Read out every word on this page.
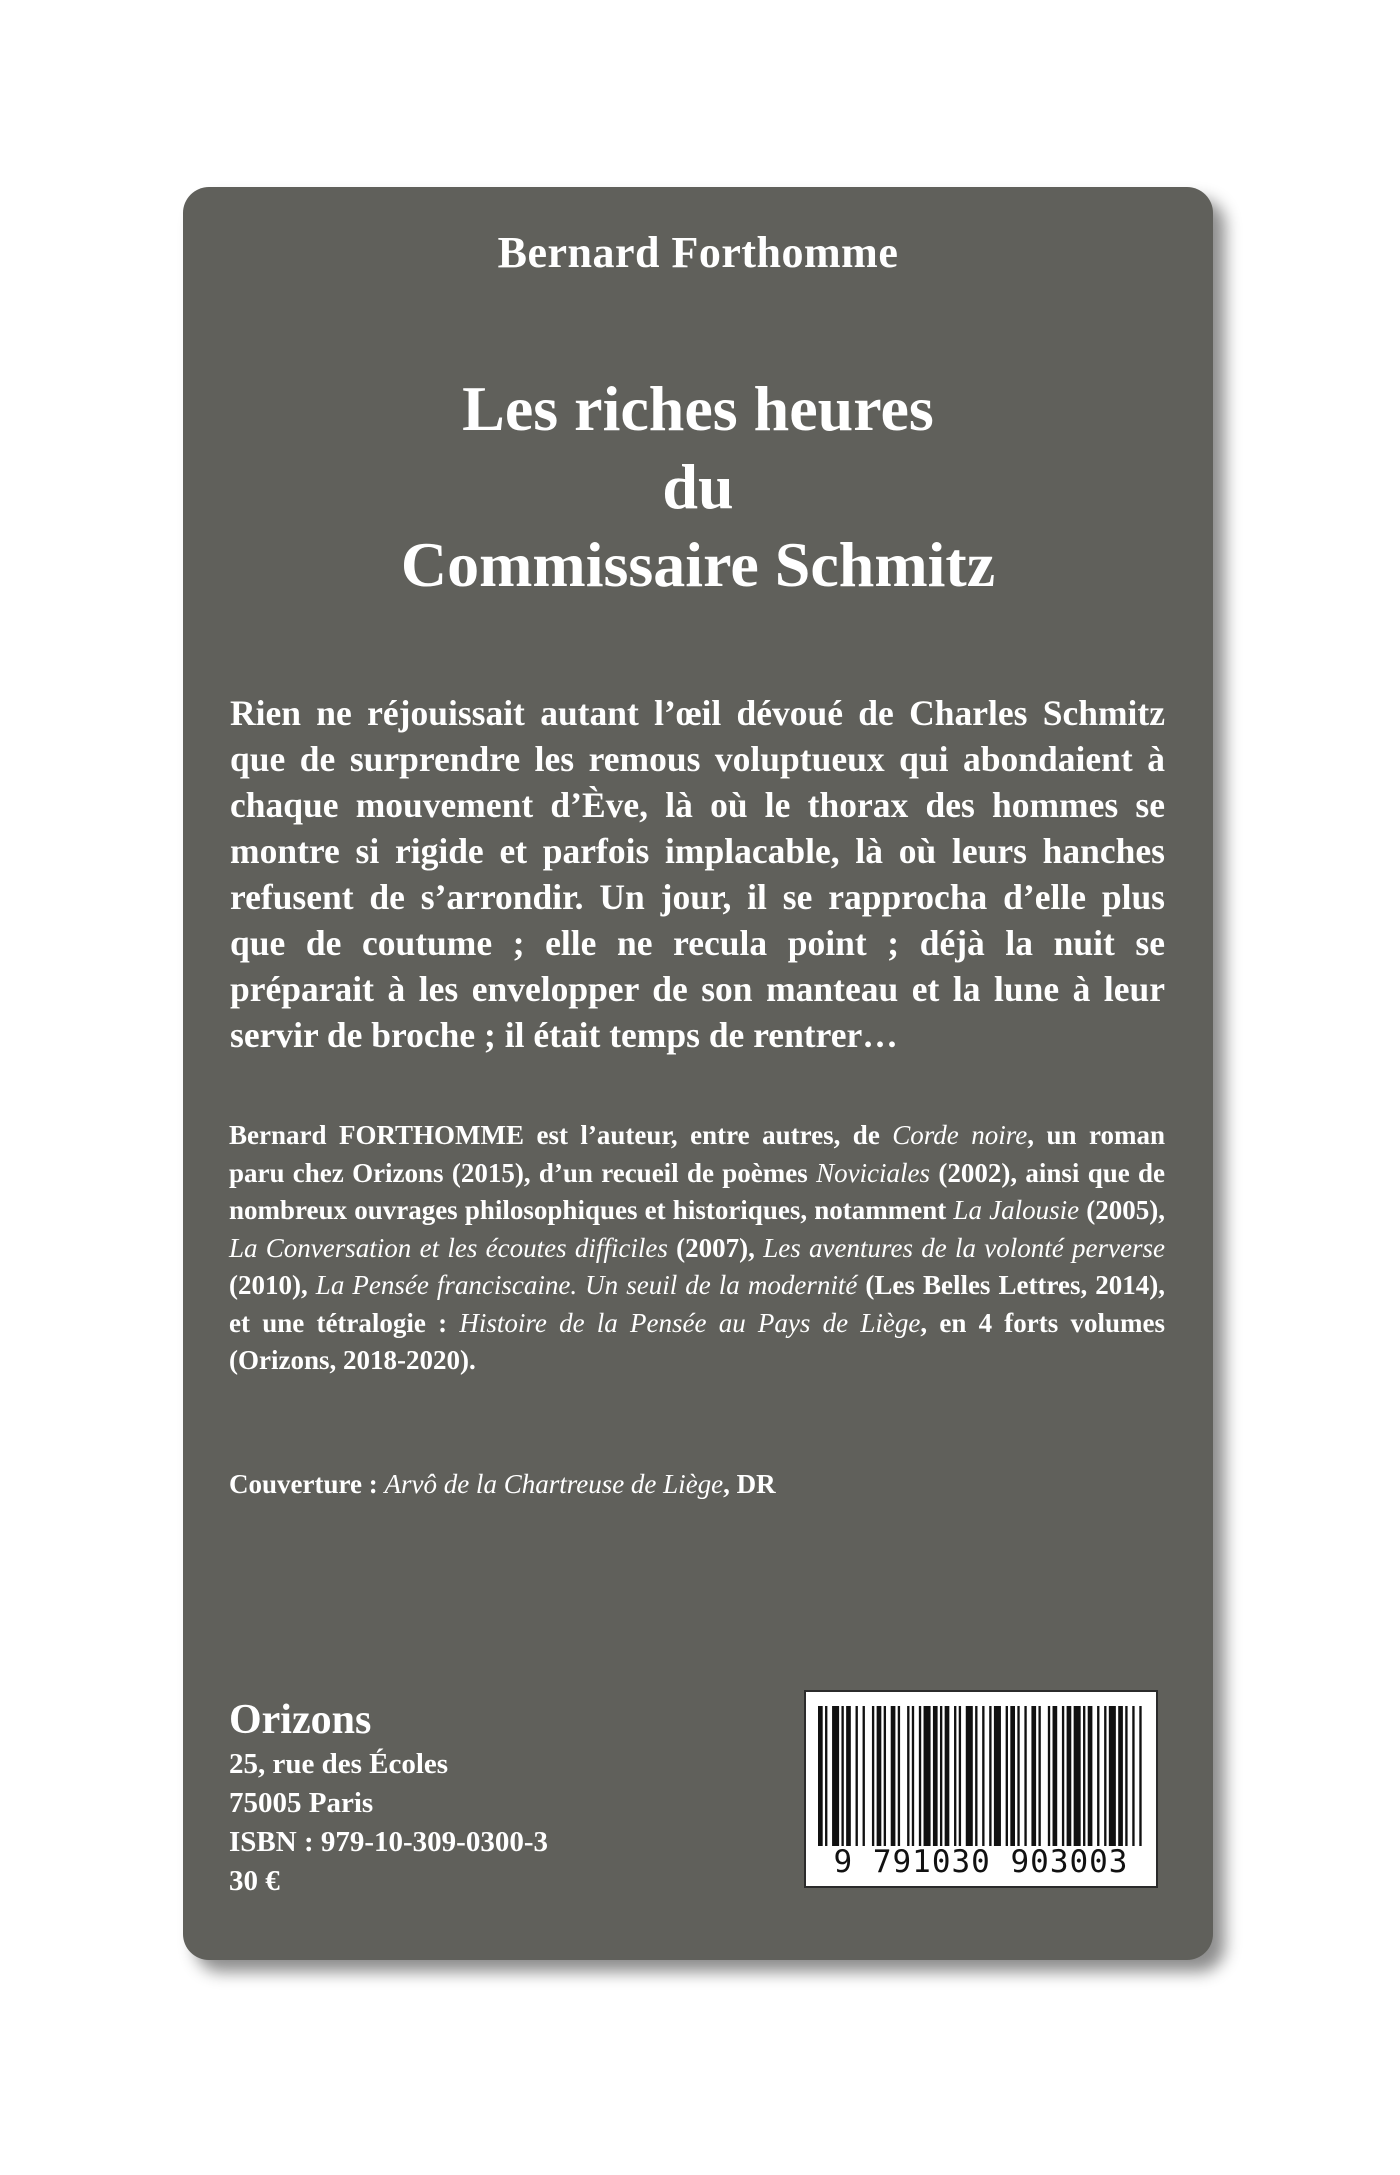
Bernard Forthomme
Les riches heures
du
Commissaire Schmitz
Rien ne réjouissait autant l’œil dévoué de Charles Schmitz que de surprendre les remous voluptueux qui abondaient à chaque mouvement d’Ève, là où le thorax des hommes se montre si rigide et parfois implacable, là où leurs hanches refusent de s’arrondir. Un jour, il se rapprocha d’elle plus que de coutume ; elle ne recula point ; déjà la nuit se préparait à les envelopper de son manteau et la lune à leur servir de broche ; il était temps de rentrer…
Bernard FORTHOMME est l’auteur, entre autres, de Corde noire, un roman paru chez Orizons (2015), d’un recueil de poèmes Noviciales (2002), ainsi que de nombreux ouvrages philosophiques et historiques, notamment La Jalousie (2005), La Conversation et les écoutes difficiles (2007), Les aventures de la volonté perverse (2010), La Pensée franciscaine. Un seuil de la modernité (Les Belles Lettres, 2014), et une tétralogie : Histoire de la Pensée au Pays de Liège, en 4 forts volumes (Orizons, 2018-2020).
Couverture : Arvô de la Chartreuse de Liège, DR
Orizons
25, rue des Écoles
75005 Paris
ISBN : 979-10-309-0300-3
30 €
9 791030 903003
